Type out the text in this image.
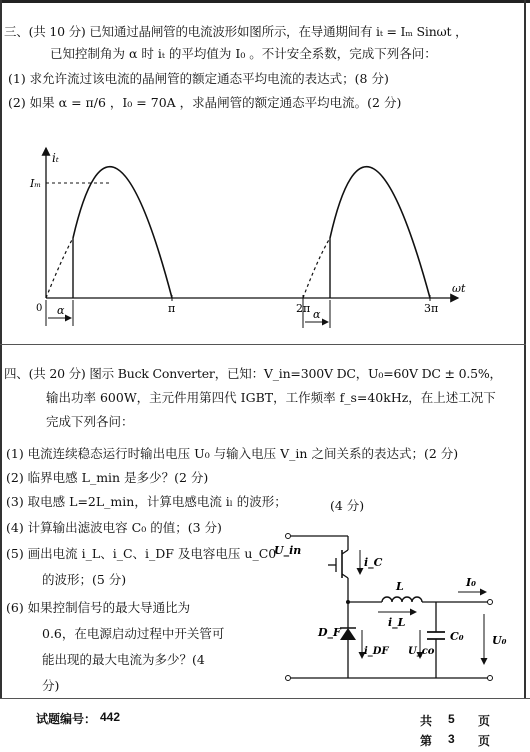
三、(共 10 分) 已知通过晶闸管的电流波形如图所示，在导通期间有 iₜ = Iₘ Sinωt ，
已知控制角为 α 时 iₜ 的平均值为 I₀ 。不计安全系数，完成下列各问：
(1) 求允许流过该电流的晶闸管的额定通态平均电流的表达式；(8 分)
(2) 如果 α = π/6 ，I₀ = 70A ，求晶闸管的额定通态平均电流。(2 分)
iₜ
Iₘ
0	π	2π	3π
ωt
α	α
四、(共 20 分) 图示 Buck Converter，已知：V_in=300V DC，U₀=60V DC ± 0.5%，
输出功率 600W，主元件用第四代 IGBT，工作频率 f_s=40kHz，在上述工况下
完成下列各问：
(1) 电流连续稳态运行时输出电压 U₀ 与输入电压 V_in 之间关系的表达式；(2 分)
(2) 临界电感 L_min 是多少？(2 分)
(3) 取电感 L=2L_min，计算电感电流 iₗ 的波形；	(4 分)
(4) 计算输出滤波电容 C₀ 的值；(3 分)
(5) 画出电流 i_L、i_C、i_DF 及电容电压 u_C0
的波形；(5 分)
(6) 如果控制信号的最大导通比为
0.6，在电源启动过程中开关管可
能出现的最大电流为多少？(4
分)
U_in
i_C
L
i_L
I₀
D_F
i_DF U_co
C₀	U₀
试题编号： 442	共 5 页
第 3 页
